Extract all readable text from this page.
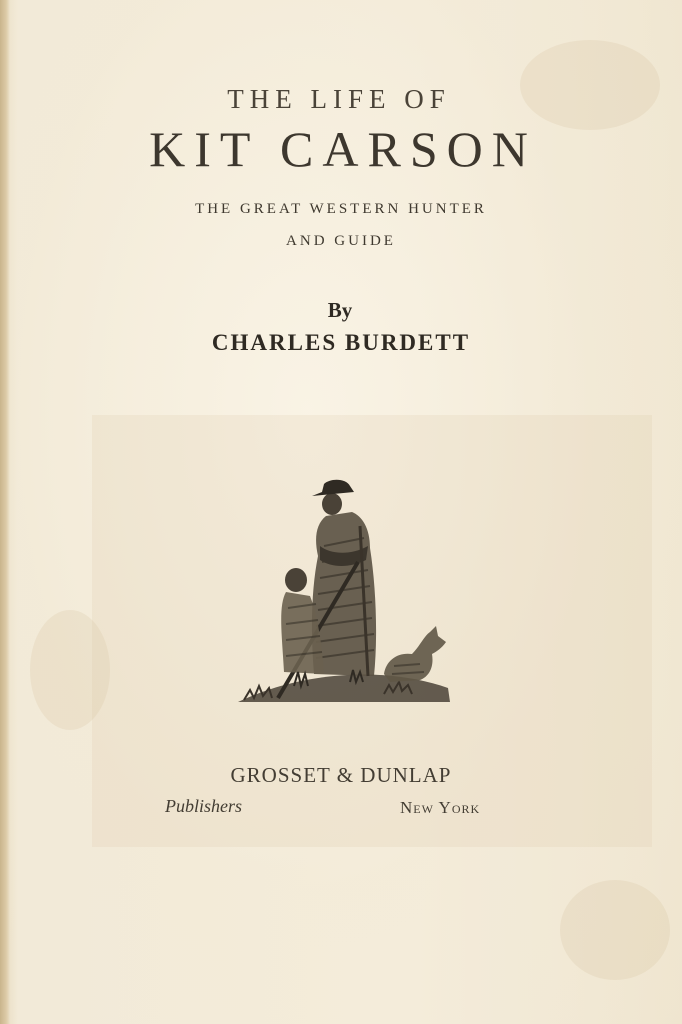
THE LIFE OF
KIT CARSON
THE GREAT WESTERN HUNTER
AND GUIDE
By
CHARLES BURDETT
GROSSET & DUNLAP
Publishers	New York
